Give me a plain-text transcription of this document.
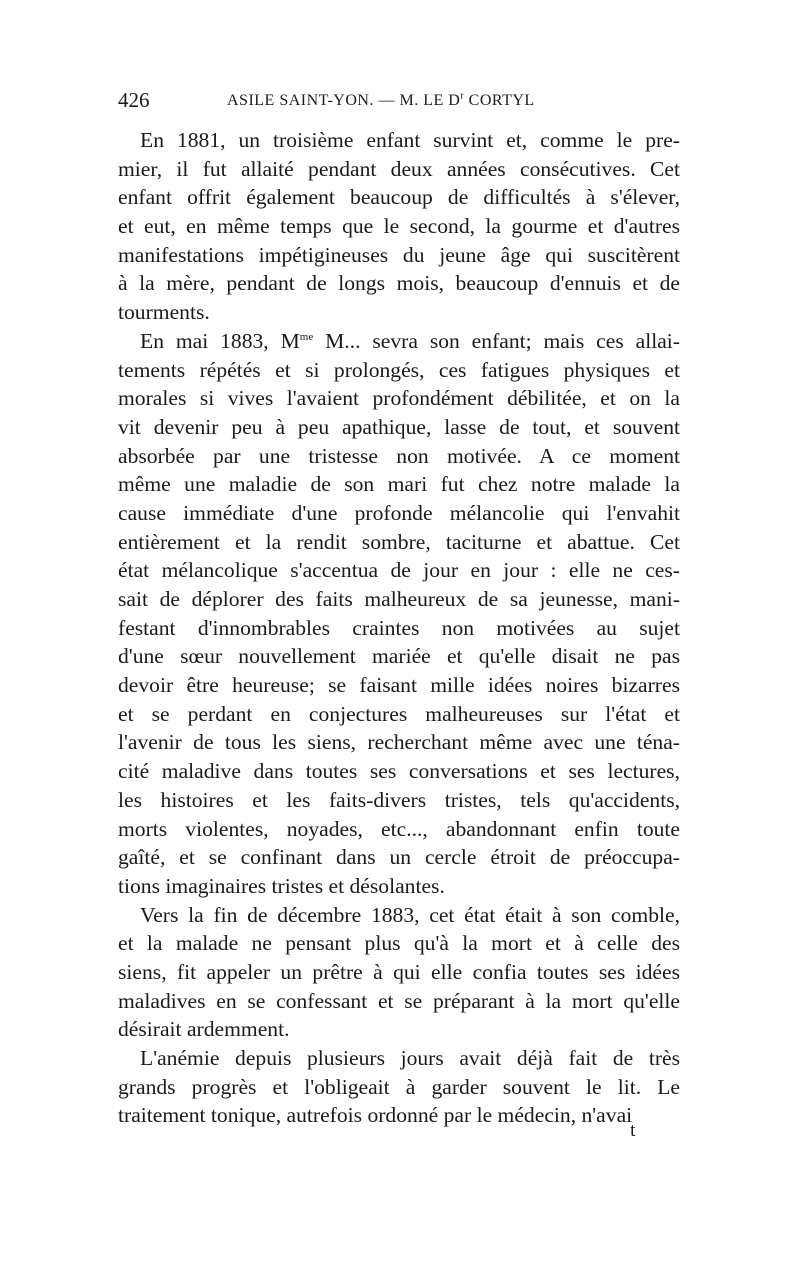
426	ASILE SAINT-YON. — M. LE $D^r$ CORTYL
En 1881, un troisième enfant survint et, comme le pre-
mier, il fut allaité pendant deux années consécutives. Cet
enfant offrit également beaucoup de difficultés à s'élever,
et eut, en même temps que le second, la gourme et d'autres
manifestations impétigineuses du jeune âge qui suscitèrent
à la mère, pendant de longs mois, beaucoup d'ennuis et de
tourments.
En mai 1883, $M^{me}$ M... sevra son enfant; mais ces allai-
tements répétés et si prolongés, ces fatigues physiques et
morales si vives l'avaient profondément débilitée, et on la
vit devenir peu à peu apathique, lasse de tout, et souvent
absorbée par une tristesse non motivée. A ce moment
même une maladie de son mari fut chez notre malade la
cause immédiate d'une profonde mélancolie qui l'envahit
entièrement et la rendit sombre, taciturne et abattue. Cet
état mélancolique s'accentua de jour en jour : elle ne ces-
sait de déplorer des faits malheureux de sa jeunesse, mani-
festant d'innombrables craintes non motivées au sujet
d'une sœur nouvellement mariée et qu'elle disait ne pas
devoir être heureuse; se faisant mille idées noires bizarres
et se perdant en conjectures malheureuses sur l'état et
l'avenir de tous les siens, recherchant même avec une téna-
cité maladive dans toutes ses conversations et ses lectures,
les histoires et les faits-divers tristes, tels qu'accidents,
morts violentes, noyades, etc..., abandonnant enfin toute
gaîté, et se confinant dans un cercle étroit de préoccupa-
tions imaginaires tristes et désolantes.
Vers la fin de décembre 1883, cet état était à son comble,
et la malade ne pensant plus qu'à la mort et à celle des
siens, fit appeler un prêtre à qui elle confia toutes ses idées
maladives en se confessant et se préparant à la mort qu'elle
désirait ardemment.
L'anémie depuis plusieurs jours avait déjà fait de très
grands progrès et l'obligeait à garder souvent le lit. Le
traitement tonique, autrefois ordonné par le médecin, n'avait
